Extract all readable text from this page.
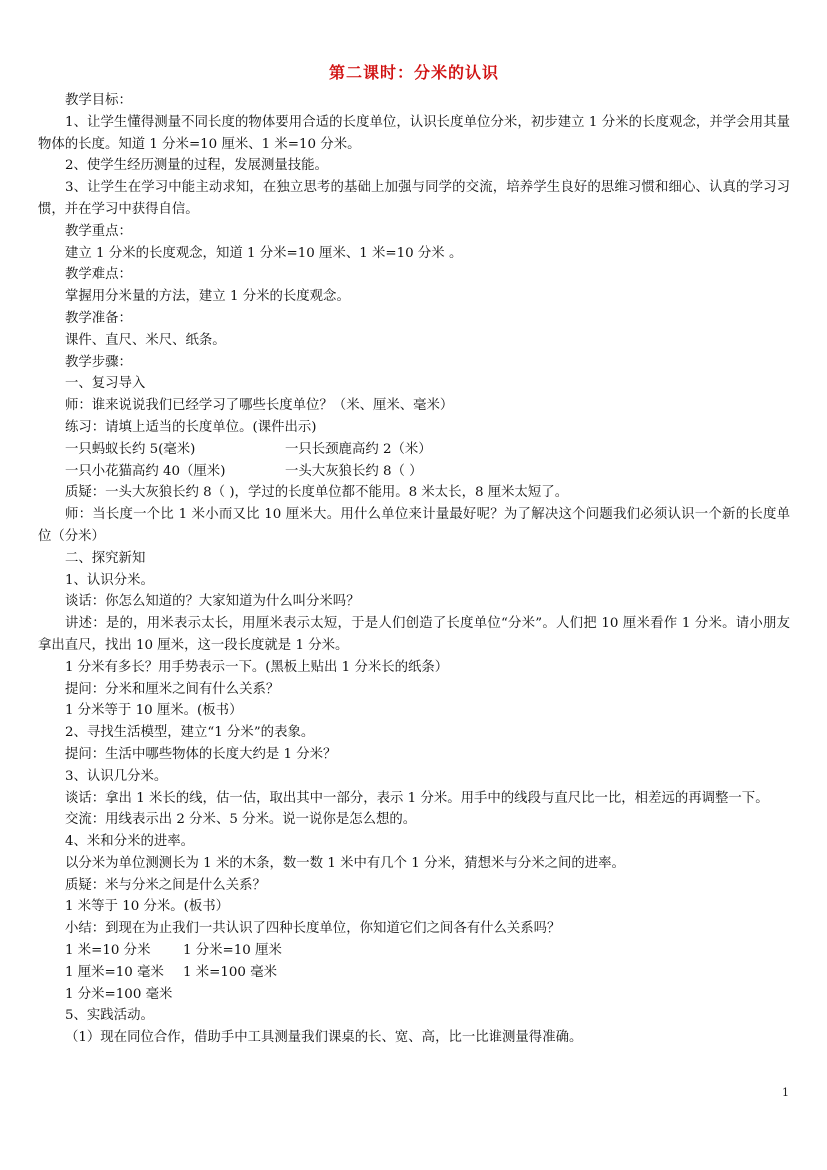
第二课时：分米的认识

教学目标：

1、让学生懂得测量不同长度的物体要用合适的长度单位，认识长度单位分米，初步建立 1 分米的长度观念，并学会用其量物体的长度。知道 1 分米=10 厘米、1 米=10 分米。

2、使学生经历测量的过程，发展测量技能。

3、让学生在学习中能主动求知，在独立思考的基础上加强与同学的交流，培养学生良好的思维习惯和细心、认真的学习习惯，并在学习中获得自信。

教学重点：

建立 1 分米的长度观念，知道 1 分米=10 厘米、1 米=10 分米 。

教学难点：

掌握用分米量的方法，建立 1 分米的长度观念。

教学准备：

课件、直尺、米尺、纸条。

教学步骤：

一、复习导入

师：谁来说说我们已经学习了哪些长度单位？（米、厘米、毫米）

练习：请填上适当的长度单位。(课件出示)

一只蚂蚁长约 5(毫米)	一只长颈鹿高约 2（米）
一只小花猫高约 40（厘米)	一头大灰狼长约 8（ ）

质疑：一头大灰狼长约 8（ )，学过的长度单位都不能用。8 米太长，8 厘米太短了。

师：当长度一个比 1 米小而又比 10 厘米大。用什么单位来计量最好呢？为了解决这个问题我们必须认识一个新的长度单位（分米）

二、探究新知

1、认识分米。

谈话：你怎么知道的？大家知道为什么叫分米吗？

讲述：是的，用米表示太长，用厘米表示太短，于是人们创造了长度单位“分米”。人们把 10 厘米看作 1 分米。请小朋友拿出直尺，找出 10 厘米，这一段长度就是 1 分米。

1 分米有多长？用手势表示一下。(黑板上贴出 1 分米长的纸条）

提问：分米和厘米之间有什么关系？

1 分米等于 10 厘米。(板书）

2、寻找生活模型，建立“1 分米”的表象。

提问：生活中哪些物体的长度大约是 1 分米？

3、认识几分米。

谈话：拿出 1 米长的线，估一估，取出其中一部分，表示 1 分米。用手中的线段与直尺比一比，相差远的再调整一下。

交流：用线表示出 2 分米、5 分米。说一说你是怎么想的。

4、米和分米的进率。

以分米为单位测测长为 1 米的木条，数一数 1 米中有几个 1 分米，猜想米与分米之间的进率。

质疑：米与分米之间是什么关系？

1 米等于 10 分米。(板书）

小结：到现在为止我们一共认识了四种长度单位，你知道它们之间各有什么关系吗？

1 米=10 分米	1 分米=10 厘米
1 厘米=10 毫米	1 米=100 毫米

1 分米=100 毫米

5、实践活动。

（1）现在同位合作，借助手中工具测量我们课桌的长、宽、高，比一比谁测量得准确。

1
